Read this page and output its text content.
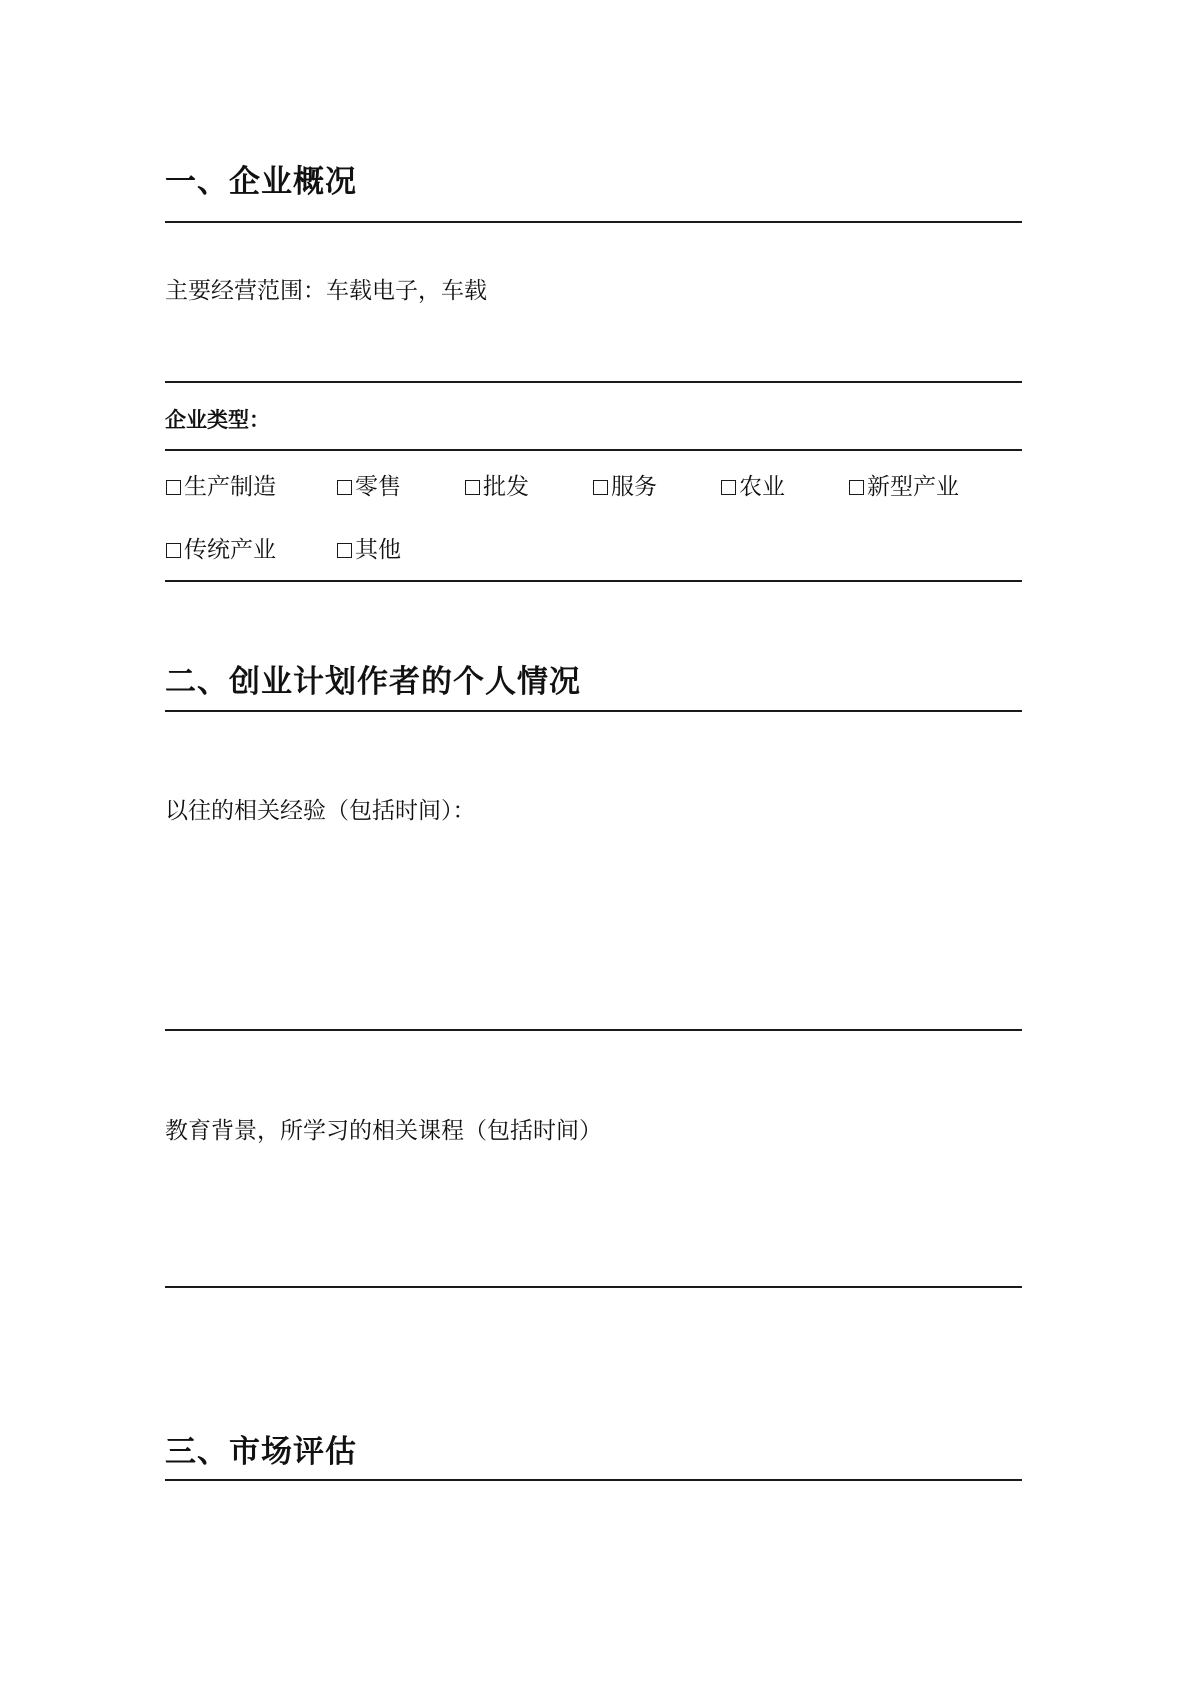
一、企业概况
主要经营范围：车载电子，车载
企业类型：
生产制造	零售	批发	服务	农业	新型产业
传统产业	其他
二、创业计划作者的个人情况
以往的相关经验（包括时间）：
教育背景，所学习的相关课程（包括时间）
三、市场评估
